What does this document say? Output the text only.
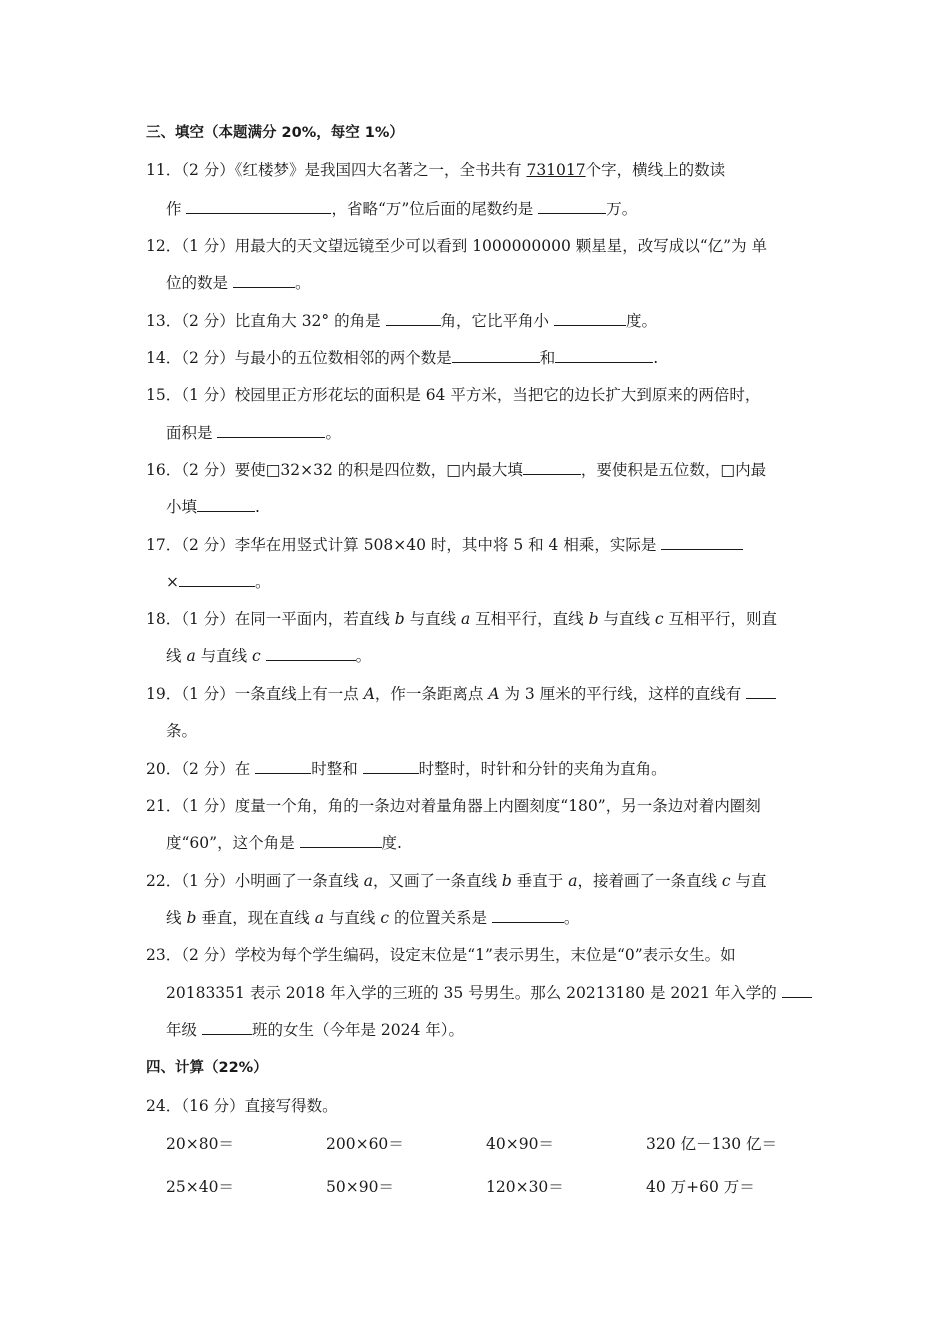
三、填空（本题满分 20%，每空 1%）
11．（2 分）《红楼梦》是我国四大名著之一，全书共有 731017个字，横线上的数读
作	，省略“万”位后面的尾数约是	万。
12．（1 分）用最大的天文望远镜至少可以看到 1000000000 颗星星，改写成以“亿”为 单
位的数是	。
13．（2 分）比直角大 32° 的角是	角，它比平角小	度。
14．（2 分）与最小的五位数相邻的两个数是	和	.
15．（1 分）校园里正方形花坛的面积是 64 平方米，当把它的边长扩大到原来的两倍时，
面积是	。
16．（2 分）要使□32×32 的积是四位数，□内最大填	，要使积是五位数，□内最
小填	.
17．（2 分）李华在用竖式计算 508×40 时，其中将 5 和 4 相乘，实际是
×	。
18．（1 分）在同一平面内，若直线 b 与直线 a 互相平行，直线 b 与直线 c 互相平行，则直
线 a 与直线 c	。
19．（1 分）一条直线上有一点 A，作一条距离点 A 为 3 厘米的平行线，这样的直线有
条。
20．（2 分）在	时整和	时整时，时针和分针的夹角为直角。
21．（1 分）度量一个角，角的一条边对着量角器上内圈刻度“180”，另一条边对着内圈刻
度“60”，这个角是	度.
22．（1 分）小明画了一条直线 a，又画了一条直线 b 垂直于 a，接着画了一条直线 c 与直
线 b 垂直，现在直线 a 与直线 c 的位置关系是	。
23．（2 分）学校为每个学生编码，设定末位是“1”表示男生，末位是“0”表示女生。如
20183351 表示 2018 年入学的三班的 35 号男生。那么 20213180 是 2021 年入学的
年级	班的女生（今年是 2024 年）。
四、计算（22%）
24．（16 分）直接写得数。
20×80＝	200×60＝	40×90＝	320 亿－130 亿＝
25×40＝	50×90＝	120×30＝	40 万+60 万＝
